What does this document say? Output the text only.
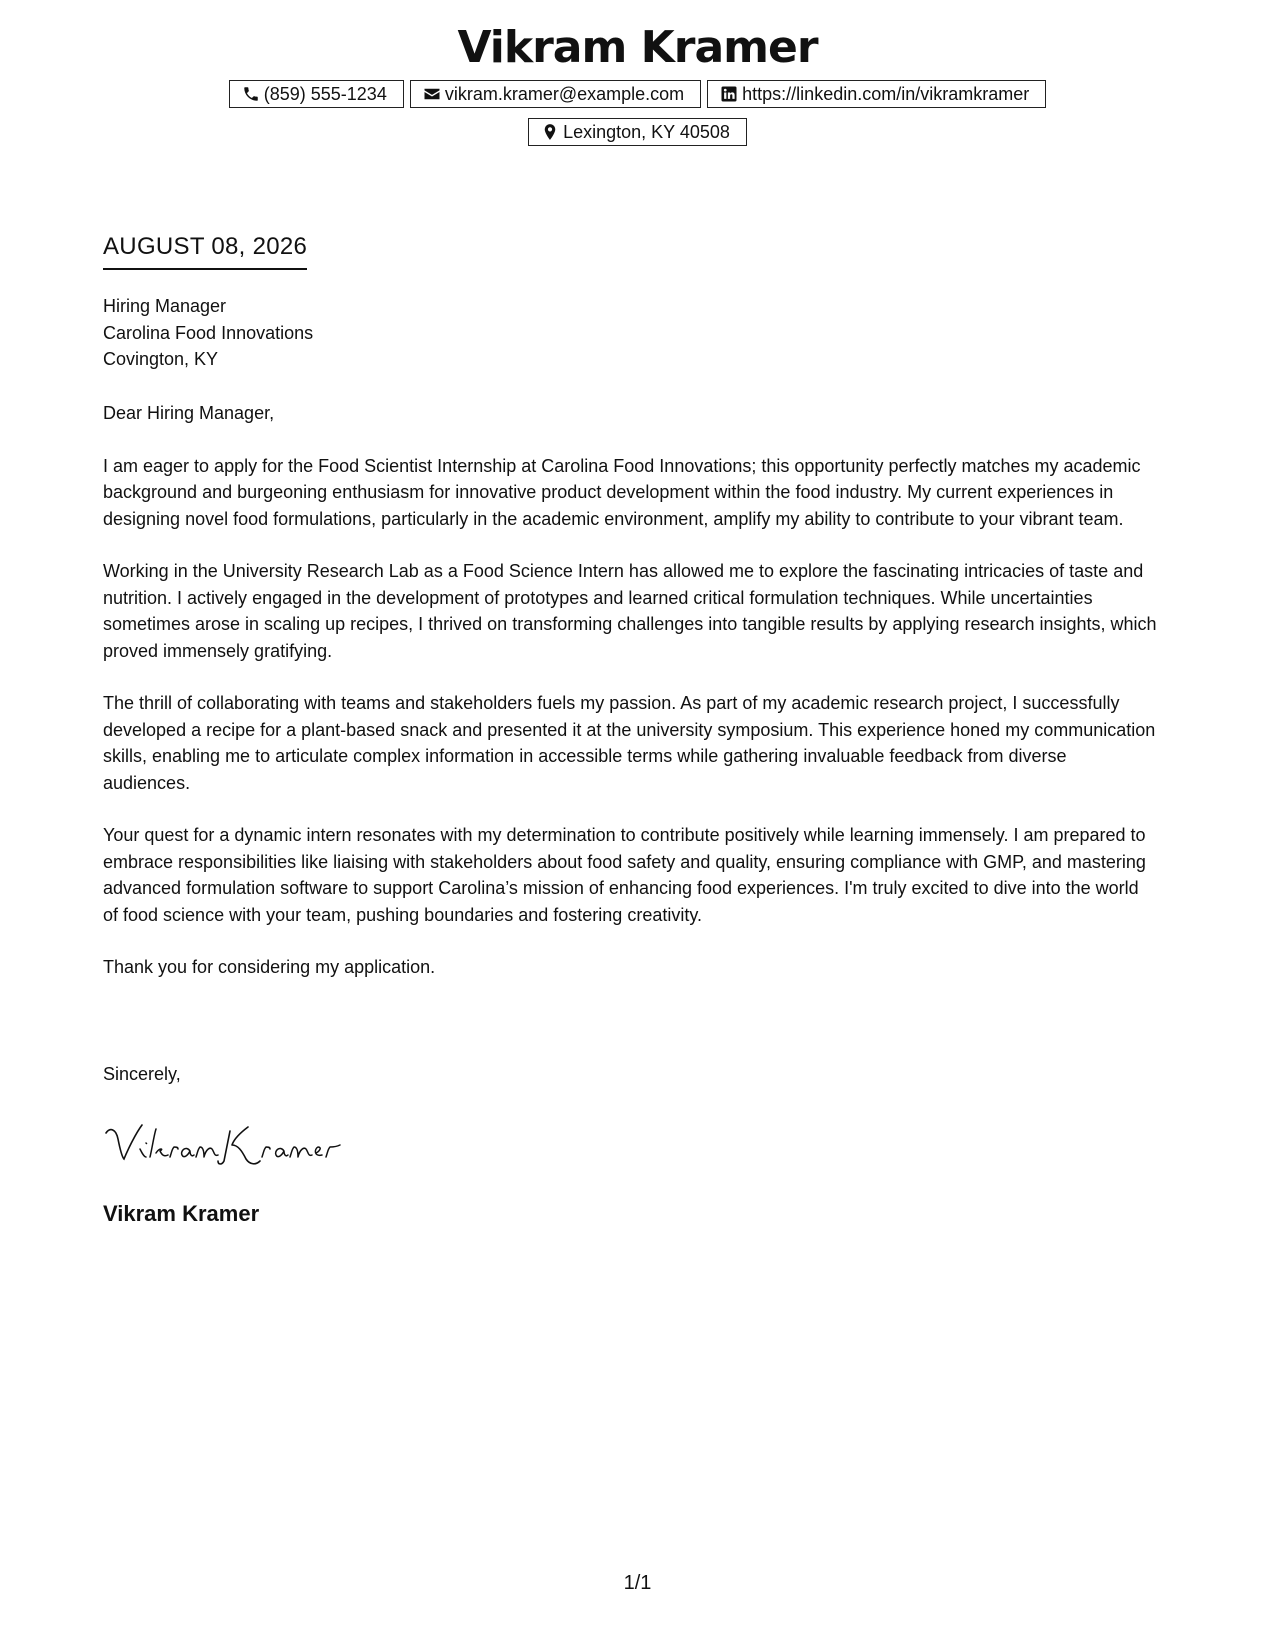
Vikram Kramer
(859) 555-1234	vikram.kramer@example.com	https://linkedin.com/in/vikramkramer
Lexington, KY 40508
AUGUST 08, 2026
Hiring Manager
Carolina Food Innovations
Covington, KY

Dear Hiring Manager,

I am eager to apply for the Food Scientist Internship at Carolina Food Innovations; this opportunity perfectly matches my academic background and burgeoning enthusiasm for innovative product development within the food industry. My current experiences in designing novel food formulations, particularly in the academic environment, amplify my ability to contribute to your vibrant team.

Working in the University Research Lab as a Food Science Intern has allowed me to explore the fascinating intricacies of taste and nutrition. I actively engaged in the development of prototypes and learned critical formulation techniques. While uncertainties sometimes arose in scaling up recipes, I thrived on transforming challenges into tangible results by applying research insights, which proved immensely gratifying.

The thrill of collaborating with teams and stakeholders fuels my passion. As part of my academic research project, I successfully developed a recipe for a plant-based snack and presented it at the university symposium. This experience honed my communication skills, enabling me to articulate complex information in accessible terms while gathering invaluable feedback from diverse audiences.

Your quest for a dynamic intern resonates with my determination to contribute positively while learning immensely. I am prepared to embrace responsibilities like liaising with stakeholders about food safety and quality, ensuring compliance with GMP, and mastering advanced formulation software to support Carolina’s mission of enhancing food experiences. I'm truly excited to dive into the world of food science with your team, pushing boundaries and fostering creativity.

Thank you for considering my application.

Sincerely,
Vikram Kramer
1/1
